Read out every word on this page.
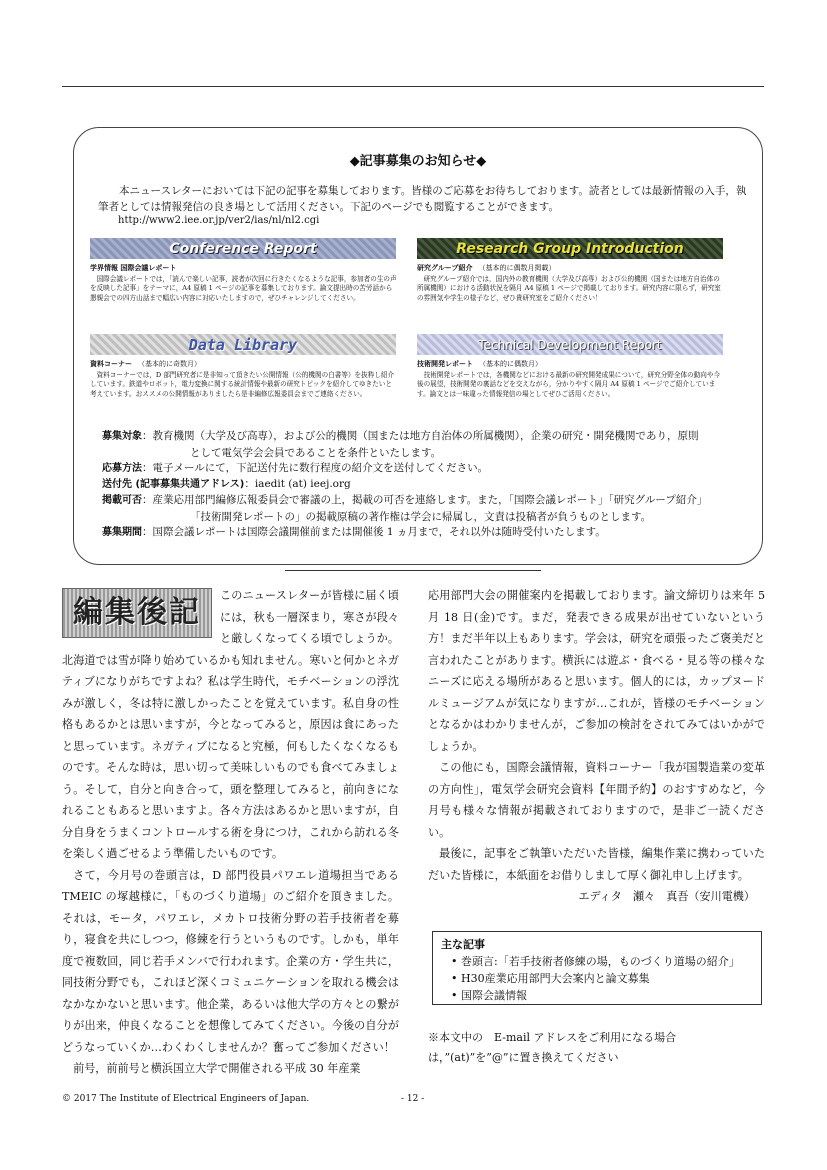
◆記事募集のお知らせ◆
本ニュースレターにおいては下記の記事を募集しております。皆様のご応募をお待ちしております。読者としては最新情報の入手，執筆者としては情報発信の良き場として活用ください。下記のページでも閲覧することができます。
http://www2.iee.or.jp/ver2/ias/nl/nl2.cgi
Conference Report	Research Group Introduction
Data Library	Technical Development Report
学界情報 国際会議レポート
国際会議レポートでは，「読んで楽しい記事，読者が次回に行きたくなるような記事，参加者の生の声を反映した記事」をテーマに，A4 原稿 1 ページの記事を募集しております。論文提出時の苦労話から懇親会での四方山話まで幅広い内容に対応いたしますので，ぜひチャレンジしてください。
研究グループ紹介 （基本的に偶数月掲載）
研究グループ紹介では，国内外の教育機関（大学及び高専）および公的機関（国または地方自治体の所属機関）における活動状況を隔月 A4 原稿 1 ページで掲載しております。研究内容に限らず，研究室の雰囲気や学生の様子など，ぜひ貴研究室をご紹介ください！
資料コーナー （基本的に奇数月）
資料コーナーでは，D 部門研究者に是非知って頂きたい公開情報（公的機関の白書等）を抜粋し紹介しています。鉄道やロボット，電力変換に関する統計情報や最新の研究トピックを紹介してゆきたいと考えています。おススメの公開情報がありましたら是非編修広報委員会までご連絡ください。
技術開発レポート （基本的に偶数月）
技術開発レポートでは，各機関などにおける最新の研究開発成果について，研究分野全体の動向や今後の展望，技術開発の裏話などを交えながら，分かりやすく隔月 A4 原稿 1 ページでご紹介しています。論文とは一味違った情報発信の場としてぜひご活用ください。
募集対象：教育機関（大学及び高専），および公的機関（国または地方自治体の所属機関），企業の研究・開発機関であり，原則
として電気学会会員であることを条件といたします。
応募方法：電子メールにて，下記送付先に数行程度の紹介文を送付してください。
送付先 (記事募集共通アドレス)：iaedit (at) ieej.org
掲載可否：産業応用部門編修広報委員会で審議の上，掲載の可否を連絡します。また，「国際会議レポート」「研究グループ紹介」
「技術開発レポートの」の掲載原稿の著作権は学会に帰属し，文責は投稿者が負うものとします。
募集期間：国際会議レポートは国際会議開催前または開催後 1 ヵ月まで，それ以外は随時受付いたします。
編集後記	このニュースレターが皆様に届く頃には，秋も一層深まり，寒さが段々と厳しくなってくる頃でしょうか。北海道では雪が降り始めているかも知れません。寒いと何かとネガティブになりがちですよね？私は学生時代，モチベーションの浮沈みが激しく，冬は特に激しかったことを覚えています。私自身の性格もあるかとは思いますが，今となってみると，原因は食にあったと思っています。ネガティブになると究極，何もしたくなくなるものです。そんな時は，思い切って美味しいものでも食べてみましょう。そして，自分と向き合って，頭を整理してみると，前向きになれることもあると思いますよ。各々方法はあるかと思いますが，自分自身をうまくコントロールする術を身につけ，これから訪れる冬を楽しく過ごせるよう準備したいものです。

さて，今月号の巻頭言は，D 部門役員パワエレ道場担当である TMEIC の塚越様に，「ものづくり道場」のご紹介を頂きました。それは，モータ，パワエレ，メカトロ技術分野の若手技術者を募り，寝食を共にしつつ，修練を行うというものです。しかも，単年度で複数回，同じ若手メンバで行われます。企業の方・学生共に，同技術分野でも，これほど深くコミュニケーションを取れる機会はなかなかないと思います。他企業，あるいは他大学の方々との繋がりが出来，仲良くなることを想像してみてください。今後の自分がどうなっていくか…わくわくしませんか？奮ってご参加ください！

前号，前前号と横浜国立大学で開催される平成 30 年産業

応用部門大会の開催案内を掲載しております。論文締切りは来年 5 月 18 日(金)です。まだ，発表できる成果が出せていないという方！まだ半年以上もあります。学会は，研究を頑張ったご褒美だと言われたことがあります。横浜には遊ぶ・食べる・見る等の様々なニーズに応える場所があると思います。個人的には，カップヌードルミュージアムが気になりますが…これが，皆様のモチベーションとなるかはわかりませんが，ご参加の検討をされてみてはいかがでしょうか。

この他にも，国際会議情報，資料コーナー「我が国製造業の変革の方向性」，電気学会研究会資料【年間予約】のおすすめなど，今月号も様々な情報が掲載されておりますので，是非ご一読ください。

最後に，記事をご執筆いただいた皆様，編集作業に携わっていただいた皆様に，本紙面をお借りしまして厚く御礼申し上げます。

エディタ　瀬々　真吾（安川電機）
主な記事
• 巻頭言:「若手技術者修練の場，ものづくり道場の紹介」
• H30産業応用部門大会案内と論文募集
• 国際会議情報
※本文中の　E-mail アドレスをご利用になる場合は，”(at)”を”@”に置き換えてください
© 2017 The Institute of Electrical Engineers of Japan.	- 12 -
